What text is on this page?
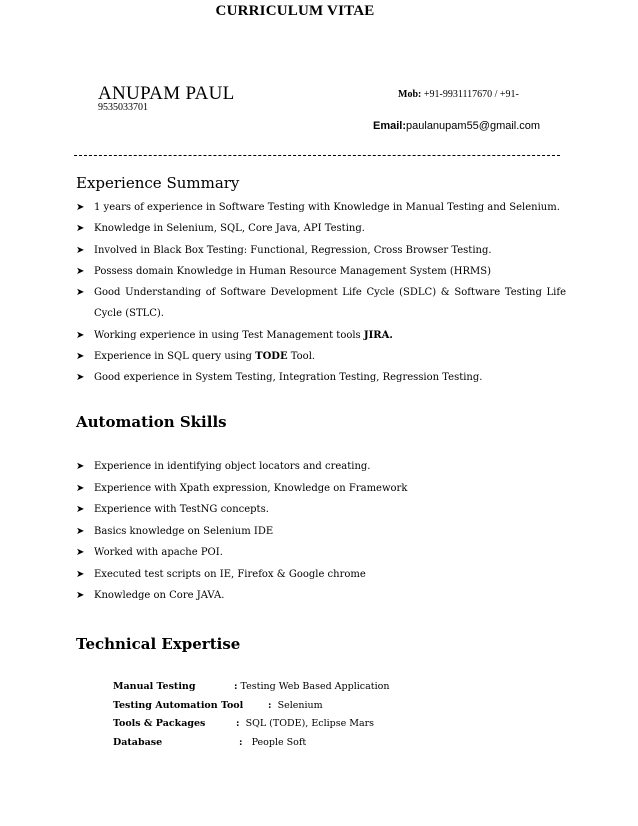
CURRICULUM VITAE
ANUPAM PAUL	Mob: +91-9931117670 / +91-
9535033701
Email:paulanupam55@gmail.com
Experience Summary
➤ 1 years of experience in Software Testing with Knowledge in Manual Testing and Selenium.
➤ Knowledge in Selenium, SQL, Core Java, API Testing.
➤ Involved in Black Box Testing: Functional, Regression, Cross Browser Testing.
➤ Possess domain Knowledge in Human Resource Management System (HRMS)
➤ Good Understanding of Software Development Life Cycle (SDLC) & Software Testing Life Cycle (STLC).
➤ Working experience in using Test Management tools JIRA.
➤ Experience in SQL query using TODE Tool.
➤ Good experience in System Testing, Integration Testing, Regression Testing.
Automation Skills
➤ Experience in identifying object locators and creating.
➤ Experience with Xpath expression, Knowledge on Framework
➤ Experience with TestNG concepts.
➤ Basics knowledge on Selenium IDE
➤ Worked with apache POI.
➤ Executed test scripts on IE, Firefox & Google chrome
➤ Knowledge on Core JAVA.
Technical Expertise
Manual Testing	: Testing Web Based Application
Testing Automation Tool	: Selenium
Tools & Packages	: SQL (TODE), Eclipse Mars
Database	: People Soft
